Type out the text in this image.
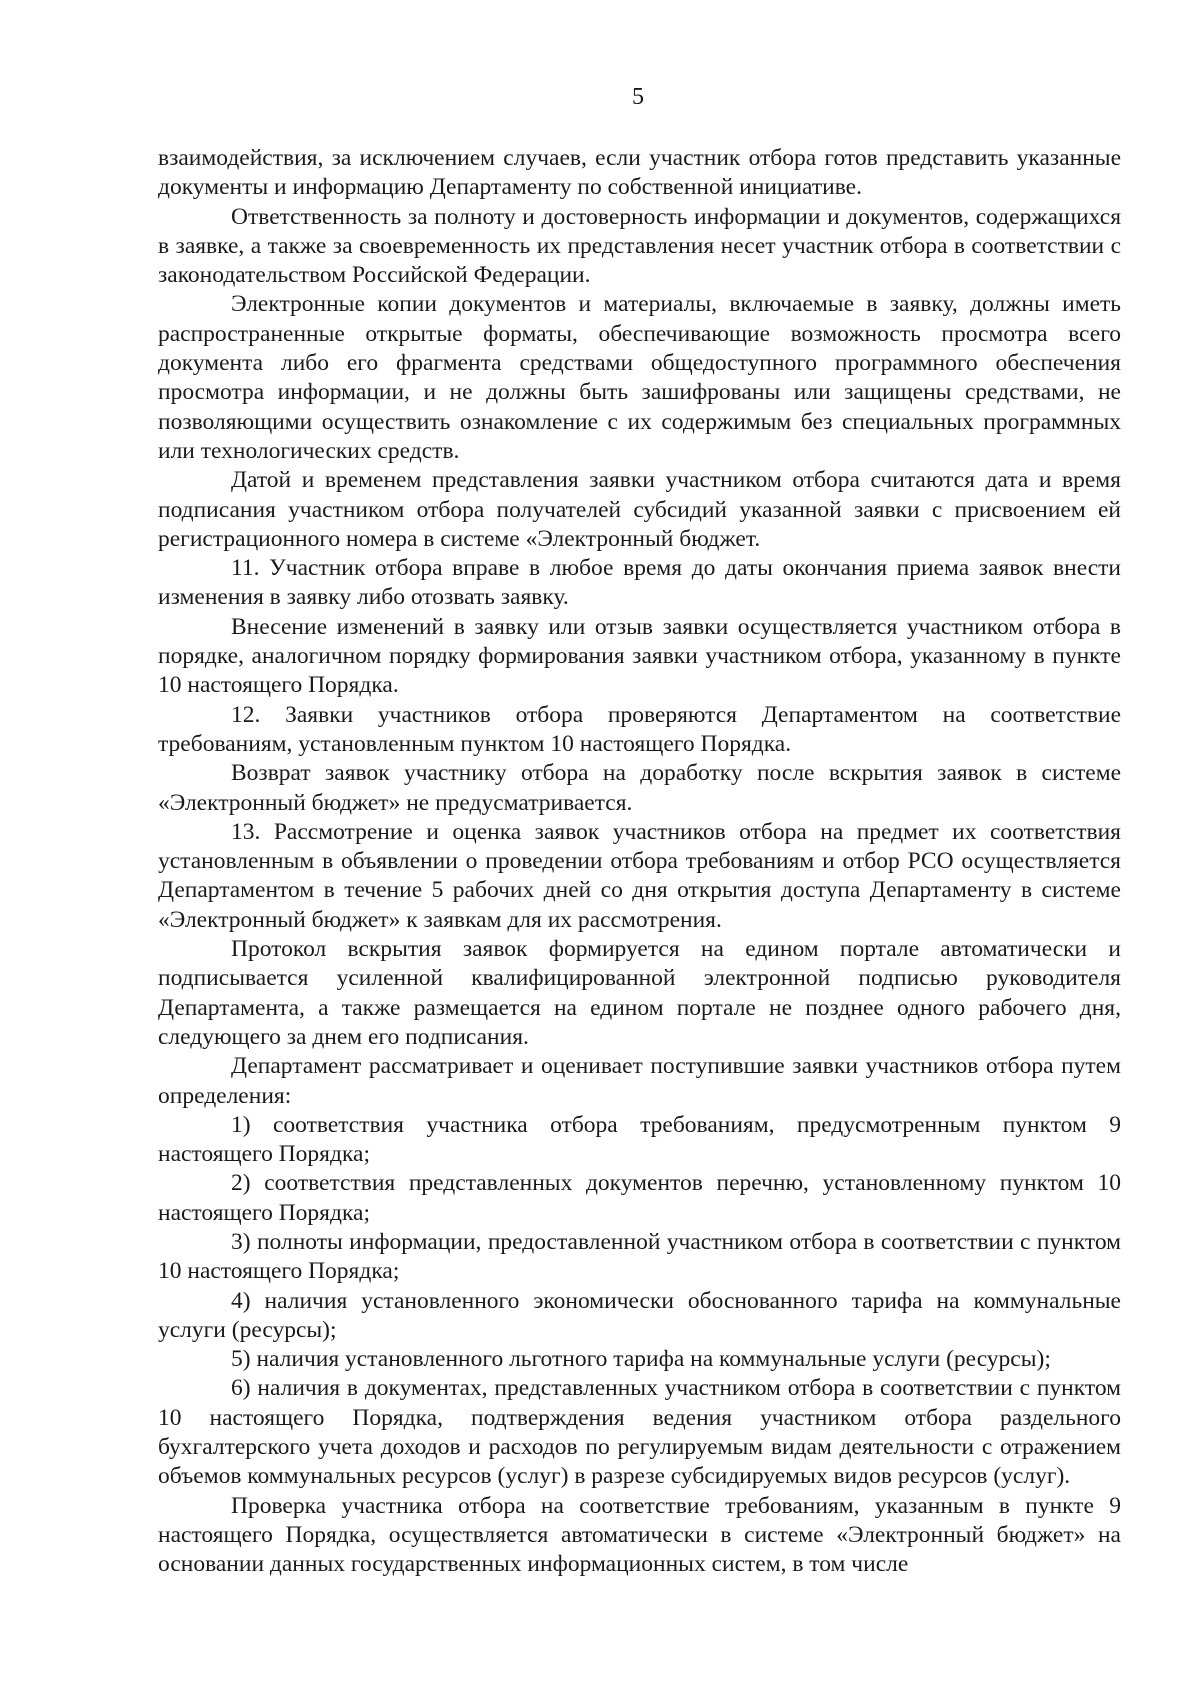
5

взаимодействия, за исключением случаев, если участник отбора готов представить указанные документы и информацию Департаменту по собственной инициативе.

Ответственность за полноту и достоверность информации и документов, содержащихся в заявке, а также за своевременность их представления несет участник отбора в соответствии с законодательством Российской Федерации.

Электронные копии документов и материалы, включаемые в заявку, должны иметь распространенные открытые форматы, обеспечивающие возможность просмотра всего документа либо его фрагмента средствами общедоступного программного обеспечения просмотра информации, и не должны быть зашифрованы или защищены средствами, не позволяющими осуществить ознакомление с их содержимым без специальных программных или технологических средств.

Датой и временем представления заявки участником отбора считаются дата и время подписания участником отбора получателей субсидий указанной заявки с присвоением ей регистрационного номера в системе «Электронный бюджет.

11. Участник отбора вправе в любое время до даты окончания приема заявок внести изменения в заявку либо отозвать заявку.

Внесение изменений в заявку или отзыв заявки осуществляется участником отбора в порядке, аналогичном порядку формирования заявки участником отбора, указанному в пункте 10 настоящего Порядка.

12. Заявки участников отбора проверяются Департаментом на соответствие требованиям, установленным пунктом 10 настоящего Порядка.

Возврат заявок участнику отбора на доработку после вскрытия заявок в системе «Электронный бюджет» не предусматривается.

13. Рассмотрение и оценка заявок участников отбора на предмет их соответствия установленным в объявлении о проведении отбора требованиям и отбор РСО осуществляется Департаментом в течение 5 рабочих дней со дня открытия доступа Департаменту в системе «Электронный бюджет» к заявкам для их рассмотрения.

Протокол вскрытия заявок формируется на едином портале автоматически и подписывается усиленной квалифицированной электронной подписью руководителя Департамента, а также размещается на едином портале не позднее одного рабочего дня, следующего за днем его подписания.

Департамент рассматривает и оценивает поступившие заявки участников отбора путем определения:

1) соответствия участника отбора требованиям, предусмотренным пунктом 9 настоящего Порядка;

2) соответствия представленных документов перечню, установленному пунктом 10 настоящего Порядка;

3) полноты информации, предоставленной участником отбора в соответствии с пунктом 10 настоящего Порядка;

4) наличия установленного экономически обоснованного тарифа на коммунальные услуги (ресурсы);

5) наличия установленного льготного тарифа на коммунальные услуги (ресурсы);

6) наличия в документах, представленных участником отбора в соответствии с пунктом 10 настоящего Порядка, подтверждения ведения участником отбора раздельного бухгалтерского учета доходов и расходов по регулируемым видам деятельности с отражением объемов коммунальных ресурсов (услуг) в разрезе субсидируемых видов ресурсов (услуг).

Проверка участника отбора на соответствие требованиям, указанным в пункте 9 настоящего Порядка, осуществляется автоматически в системе «Электронный бюджет» на основании данных государственных информационных систем, в том числе
